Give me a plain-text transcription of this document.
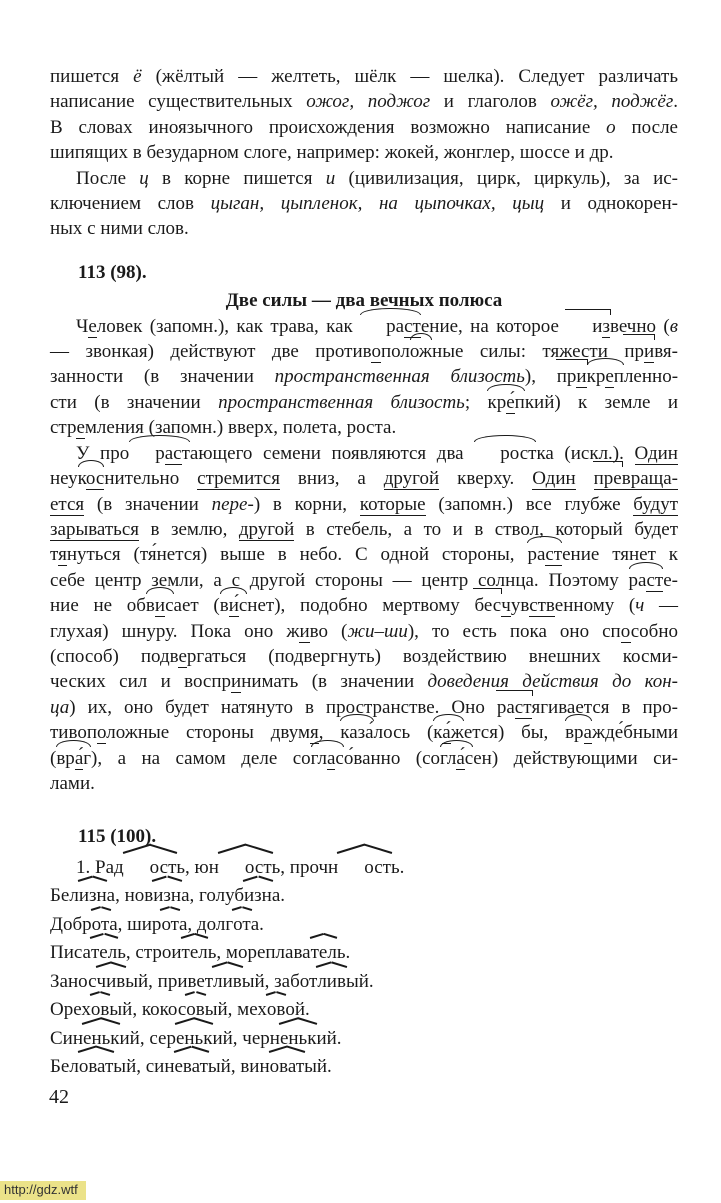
пишется ё (жёлтый — желтеть, шёлк — шелка). Следует различать
написание существительных ожог, поджог и глаголов ожёг, поджёг.
В словах иноязычного происхождения возможно написание о после
шипящих в безударном слоге, например: жокей, жонглер, шоссе и др.
После ц в корне пишется и (цивилизация, цирк, циркуль), за ис-
ключением слов цыган, цыпленок, на цыпочках, цыц и однокорен-
ных с ними слов.
113 (98).
Две силы — два вечных полюса
Человек (запомн.), как трава, как растение, на которое извечно (в
— звонкая) действуют две противоположные силы: тяжести привя-
занности (в значении пространственная близость), прикрепленно-
сти (в значении пространственная близость; кре́пкий) к земле и
стремления (запомн.) вверх, полета, роста.
У про растающего семени появляются два ростка (искл.). Один
неукоснительно стремится вниз, а другой кверху. Один превраща-
ется (в значении пере-) в корни, которые (запомн.) все глубже будут
зарываться в землю, другой в стебель, а то и в ствол, который будет
тянуться (тя́нется) выше в небо. С одной стороны, растение тянет к
себе центр земли, а с другой стороны — центр солнца. Поэтому расте-
ние не обвисает (ви́снет), подобно мертвому бесчувственному (ч —
глухая) шнуру. Пока оно живо (жи–ши), то есть пока оно способно
(способ) подвергаться (подвергнуть) воздействию внешних косми-
ческих сил и воспринимать (в значении доведения действия до кон-
ца) их, оно будет натянуто в пространстве. Оно растягивается в про-
тивоположные стороны двумя, каза́лось (ка́жется) бы, вражде́бными
(вра́г), а на самом деле согласо́ванно (согла́сен) действующими си-
лами.
115 (100).
1. Рад ость, юн ость, прочн ость.
Белизна, новизна, голубизна.
Доброта, широта, долгота.
Писатель, строитель, мореплаватель.
Заносчивый, приветливый, заботливый.
Ореховый, кокосовый, меховой.
Синенький, серенький, черненький.
Беловатый, синеватый, виноватый.
42
http://gdz.wtf
